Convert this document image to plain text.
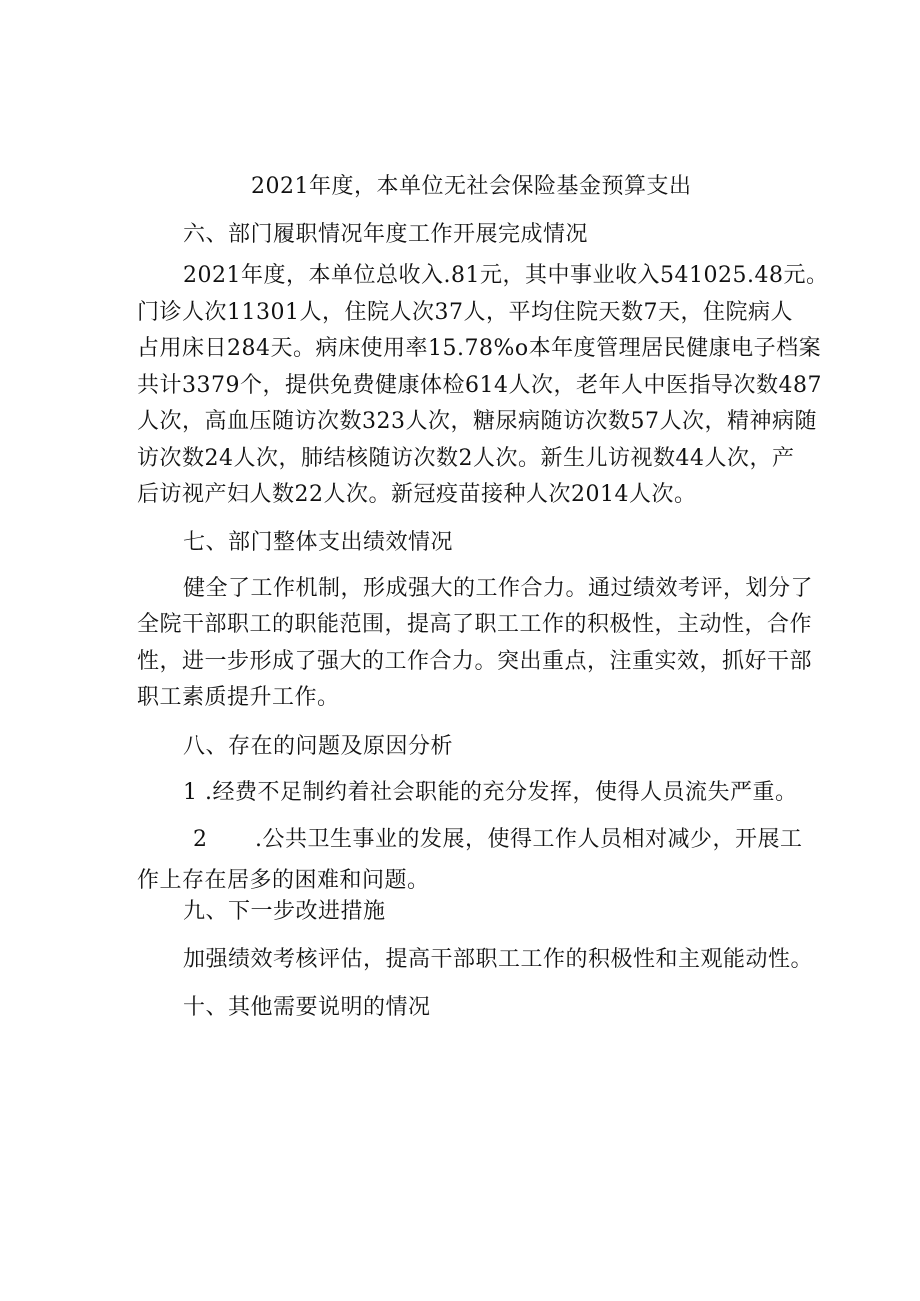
2021年度，本单位无社会保险基金预算支出
六、部门履职情况年度工作开展完成情况
2021年度，本单位总收入.81元，其中事业收入541025.48元。
门诊人次11301人，住院人次37人，平均住院天数7天，住院病人
占用床日284天。病床使用率15.78%o本年度管理居民健康电子档案
共计3379个，提供免费健康体检614人次，老年人中医指导次数487
人次，高血压随访次数323人次，糖尿病随访次数57人次，精神病随
访次数24人次，肺结核随访次数2人次。新生儿访视数44人次，产
后访视产妇人数22人次。新冠疫苗接种人次2014人次。
七、部门整体支出绩效情况
健全了工作机制，形成强大的工作合力。通过绩效考评，划分了
全院干部职工的职能范围，提高了职工工作的积极性，主动性，合作
性，进一步形成了强大的工作合力。突出重点，注重实效，抓好干部
职工素质提升工作。
八、存在的问题及原因分析
1 .经费不足制约着社会职能的充分发挥，使得人员流失严重。
2 .公共卫生事业的发展，使得工作人员相对减少，开展工
作上存在居多的困难和问题。
九、下一步改进措施
加强绩效考核评估，提高干部职工工作的积极性和主观能动性。
十、其他需要说明的情况
